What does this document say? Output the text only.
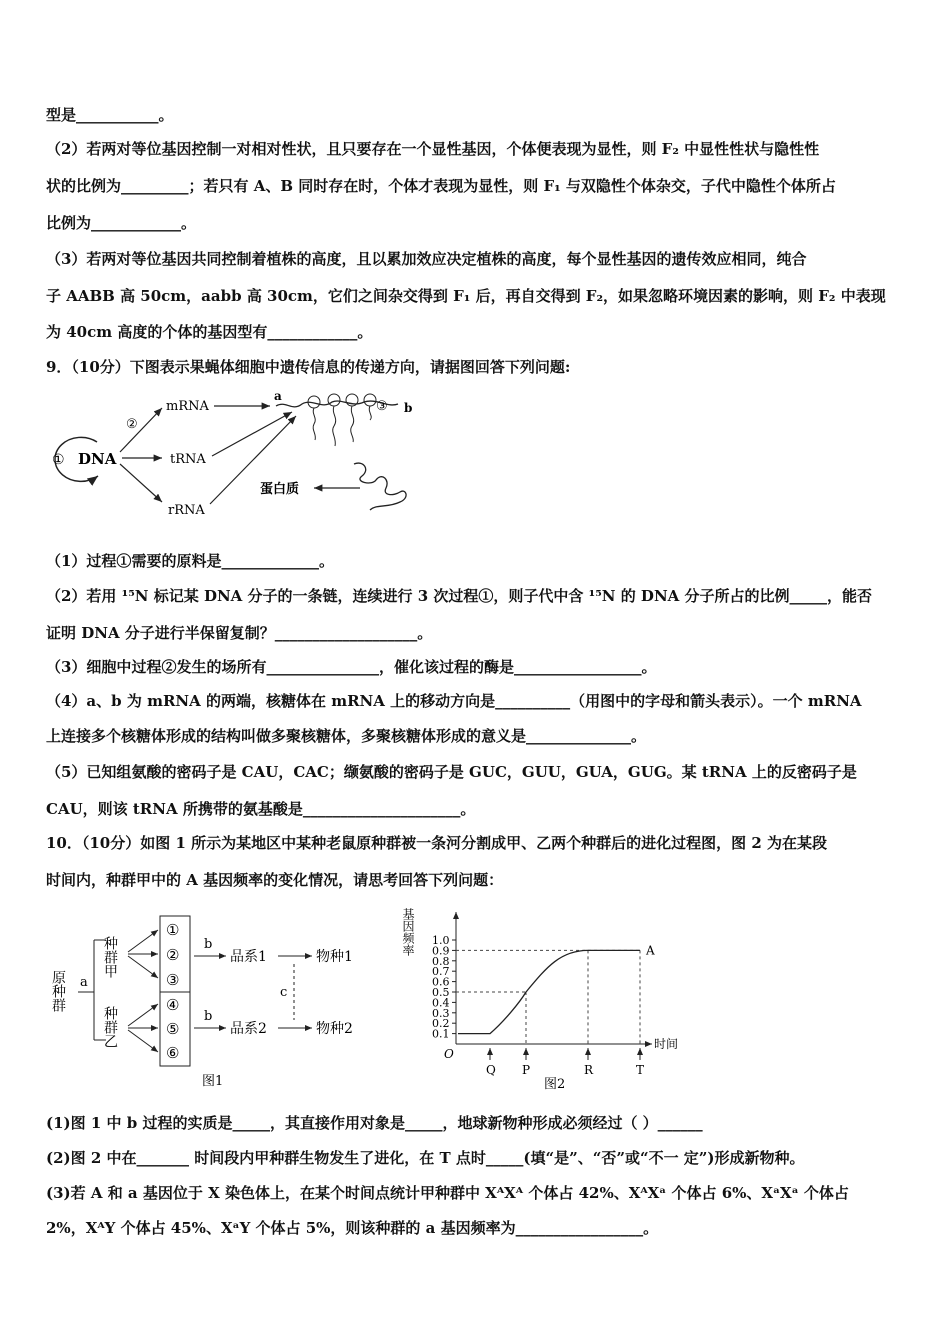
型是___________。
（2）若两对等位基因控制一对相对性状，且只要存在一个显性基因，个体便表现为显性，则 F₂ 中显性性状与隐性性
状的比例为_________；若只有 A、B 同时存在时，个体才表现为显性，则 F₁ 与双隐性个体杂交，子代中隐性个体所占
比例为____________。
（3）若两对等位基因共同控制着植株的高度，且以累加效应决定植株的高度，每个显性基因的遗传效应相同，纯合
子 AABB 高 50cm，aabb 高 30cm，它们之间杂交得到 F₁ 后，再自交得到 F₂，如果忽略环境因素的影响，则 F₂ 中表现
为 40cm 高度的个体的基因型有____________。
9．（10分）下图表示果蝇体细胞中遗传信息的传递方向，请据图回答下列问题:
① DNA
②
mRNA
tRNA
rRNA
a
③ b
蛋白质
（1）过程①需要的原料是_____________。
（2）若用 ¹⁵N 标记某 DNA 分子的一条链，连续进行 3 次过程①，则子代中含 ¹⁵N 的 DNA 分子所占的比例_____，能否
证明 DNA 分子进行半保留复制？___________________。
（3）细胞中过程②发生的场所有_______________，催化该过程的酶是_________________。
（4）a、b 为 mRNA 的两端，核糖体在 mRNA 上的移动方向是__________（用图中的字母和箭头表示）。一个 mRNA
上连接多个核糖体形成的结构叫做多聚核糖体，多聚核糖体形成的意义是______________。
（5）已知组氨酸的密码子是 CAU，CAC；缬氨酸的密码子是 GUC，GUU，GUA，GUG。某 tRNA 上的反密码子是
CAU，则该 tRNA 所携带的氨基酸是_____________________。
10．（10分）如图 1 所示为某地区中某种老鼠原种群被一条河分割成甲、乙两个种群后的进化过程图，图 2 为在某段
时间内，种群甲中的 A 基因频率的变化情况，请思考回答下列问题：
原种群 a
种群甲
种群乙
①
②
③
④
⑤
⑥
b
品系1	物种1
b
品系2	物种2
c
图1
基因频率
时间
O
0.1
0.2
0.3
0.4
0.5
0.6
0.7
0.8
0.9
1.0
A
Q P	R	T
图2
(1)图 1 中 b 过程的实质是_____，其直接作用对象是_____，地球新物种形成必须经过（ ）______
(2)图 2 中在_______ 时间段内甲种群生物发生了进化，在 T 点时_____(填“是”、“否”或“不一 定”)形成新物种。
(3)若 A 和 a 基因位于 X 染色体上，在某个时间点统计甲种群中 XᴬXᴬ 个体占 42%、XᴬXᵃ 个体占 6%、XᵃXᵃ 个体占
2%，XᴬY 个体占 45%、XᵃY 个体占 5%，则该种群的 a 基因频率为_________________。
